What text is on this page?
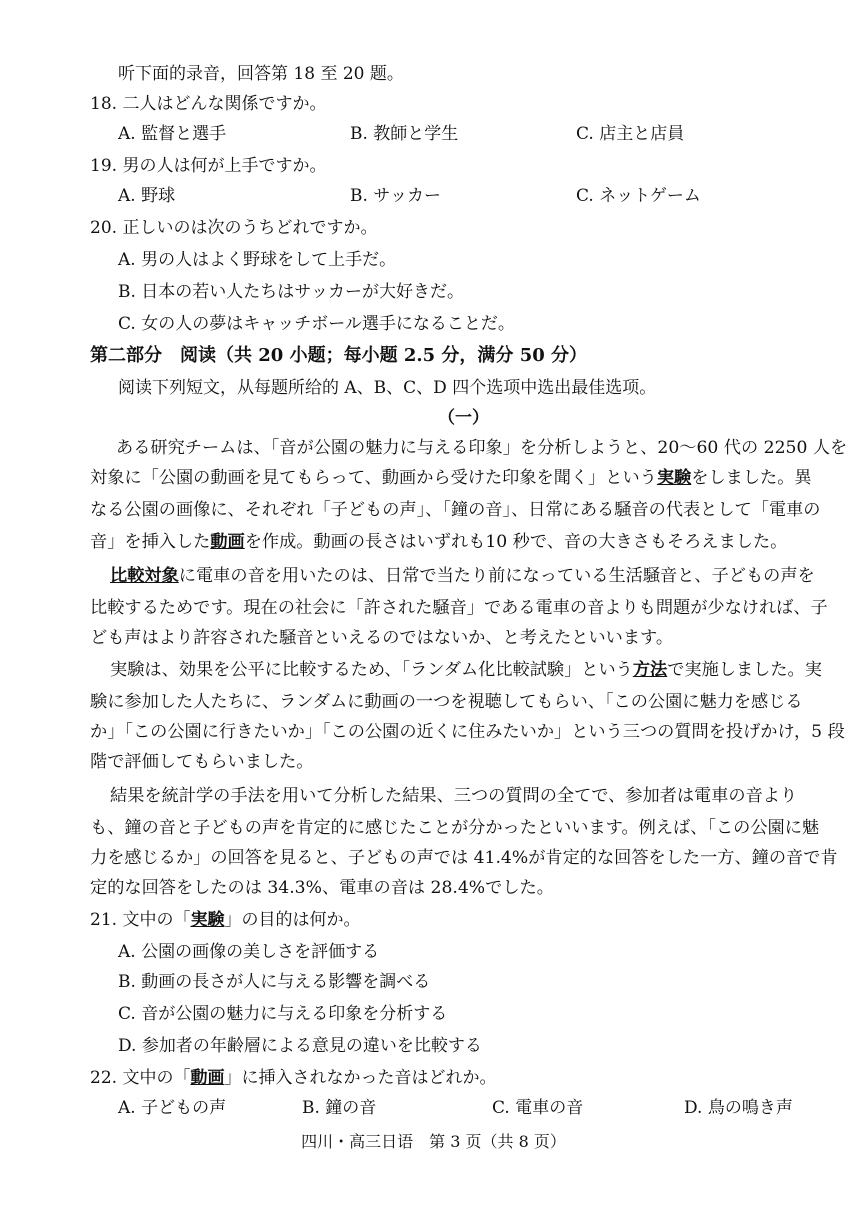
听下面的录音，回答第 18 至 20 题。
18. 二人はどんな関係ですか。
A. 監督と選手	B. 教師と学生	C. 店主と店員
19. 男の人は何が上手ですか。
A. 野球	B. サッカー	C. ネットゲーム
20. 正しいのは次のうちどれですか。
A. 男の人はよく野球をして上手だ。
B. 日本の若い人たちはサッカーが大好きだ。
C. 女の人の夢はキャッチボール選手になることだ。
第二部分　阅读（共 20 小题；每小题 2.5 分，满分 50 分）
阅读下列短文，从每题所给的 A、B、C、D 四个选项中选出最佳选项。
（一）
ある研究チームは、「音が公園の魅力に与える印象」を分析しようと、20～60 代の 2250 人を
対象に「公園の動画を見てもらって、動画から受けた印象を聞く」という実験をしました。異
なる公園の画像に、それぞれ「子どもの声」、「鐘の音」、日常にある騒音の代表として「電車の
音」を挿入した動画を作成。動画の長さはいずれも10 秒で、音の大きさもそろえました。
比較対象に電車の音を用いたのは、日常で当たり前になっている生活騒音と、子どもの声を
比較するためです。現在の社会に「許された騒音」である電車の音よりも問題が少なければ、子
ども声はより許容された騒音といえるのではないか、と考えたといいます。
実験は、効果を公平に比較するため、「ランダム化比較試験」という方法で実施しました。実
験に参加した人たちに、ランダムに動画の一つを視聴してもらい、「この公園に魅力を感じる
か」「この公園に行きたいか」「この公園の近くに住みたいか」という三つの質問を投げかけ，5 段
階で評価してもらいました。
結果を統計学の手法を用いて分析した結果、三つの質問の全てで、参加者は電車の音より
も、鐘の音と子どもの声を肯定的に感じたことが分かったといいます。例えば、「この公園に魅
力を感じるか」の回答を見ると、子どもの声では 41.4%が肯定的な回答をした一方、鐘の音で肯
定的な回答をしたのは 34.3%、電車の音は 28.4%でした。
21. 文中の「実験」の目的は何か。
A. 公園の画像の美しさを評価する
B. 動画の長さが人に与える影響を調べる
C. 音が公園の魅力に与える印象を分析する
D. 参加者の年齢層による意見の違いを比較する
22. 文中の「動画」に挿入されなかった音はどれか。
A. 子どもの声	B. 鐘の音	C. 電車の音	D. 鳥の鳴き声
四川・高三日语　第 3 页（共 8 页）
